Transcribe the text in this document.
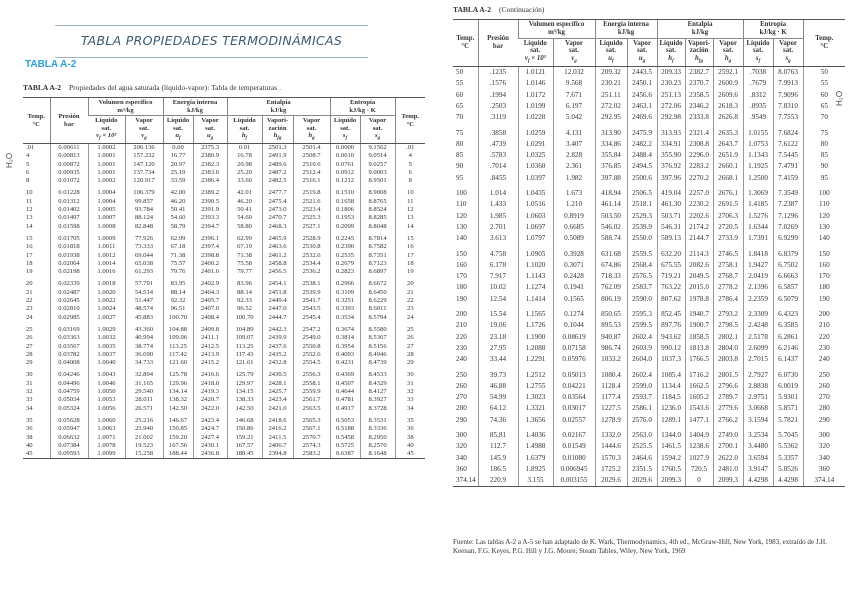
TABLA PROPIEDADES TERMODINÁMICAS
TABLA A-2
TABLA A-2 Propiedades del agua saturada (líquido-vapor): Tabla de temperaturas .
TABLA A-2 (Continuación)
H₂O
H₂O
Temp.
°C	Presión
bar	Volumen específico
m³/kg		Energía interna
kJ/kg		Entalpía
kJ/kg			Entropía
kJ/kg · K		Temp.
°C
		Líquido
sat.
$v_f \times 10^3$	Vapor
sat.
$v_g$	Líquido
sat.
$u_f$	Vapor
sat.
$u_g$	Líquido
sat.
$h_f$	Vapori-
zación
$h_{fg}$	Vapor
sat.
$h_g$	Líquido
sat.
$s_f$	Vapor
sat.
$s_g$
.01	0.00611	1.0002	206.136	0.00	2375.3	0.01	2501.3	2501.4	0.0000	9.1562	.01
4	0.00813	1.0001	157.232	16.77	2380.9	16.78	2491.9	2508.7	0.0610	9.0514	4
5	0.00872	1.0001	147.120	20.97	2382.3	20.98	2489.6	2510.6	0.0761	9.0257	5
6	0.00935	1.0001	137.734	25.19	2383.6	25.20	2487.2	2512.4	0.0912	9.0003	6
8	0.01072	1.0002	120.917	33.59	2386.4	33.60	2482.5	2516.1	0.1212	8.9501	8
10	0.01228	1.0004	106.379	42.00	2389.2	42.01	2477.7	2519.8	0.1510	8.9008	10
11	0.01312	1.0004	99.857	46.20	2390.5	46.20	2475.4	2521.6	0.1658	8.8765	11
12	0.01402	1.0005	93.784	50.41	2391.9	50.41	2473.0	2523.4	0.1806	8.8524	12
13	0.01497	1.0007	88.124	54.60	2393.3	54.60	2470.7	2525.3	0.1953	8.8285	13
14	0.01598	1.0008	82.848	58.79	2394.7	58.80	2468.3	2527.1	0.2099	8.8048	14
15	0.01705	1.0009	77.926	62.99	2396.1	62.99	2465.9	2528.9	0.2245	8.7814	15
16	0.01818	1.0011	73.333	67.18	2397.4	67.19	2463.6	2530.8	0.2390	8.7582	16
17	0.01938	1.0012	69.044	71.38	2398.8	71.38	2461.2	2532.6	0.2535	8.7351	17
18	0.02064	1.0014	65.038	75.57	2400.2	75.58	2458.8	2534.4	0.2679	8.7123	18
19	0.02198	1.0016	61.293	79.76	2401.6	79.77	2456.5	2536.2	0.2823	8.6897	19
20	0.02339	1.0018	57.791	83.95	2402.9	83.96	2454.1	2538.1	0.2966	8.6672	20
21	0.02487	1.0020	54.514	88.14	2404.3	88.14	2451.8	2539.9	0.3109	8.6450	21
22	0.02645	1.0022	51.447	92.32	2405.7	92.33	2449.4	2541.7	0.3251	8.6229	22
23	0.02810	1.0024	48.574	96.51	2407.0	96.52	2447.0	2543.5	0.3393	8.6011	23
24	0.02985	1.0027	45.883	100.70	2408.4	100.70	2444.7	2545.4	0.3534	8.5794	24
25	0.03169	1.0029	43.360	104.88	2409.8	104.89	2442.3	2547.2	0.3674	8.5580	25
26	0.03363	1.0032	40.994	109.06	2411.1	109.07	2439.9	2549.0	0.3814	8.5367	26
27	0.03567	1.0035	38.774	113.25	2412.5	113.25	2437.6	2550.8	0.3954	8.5156	27
28	0.03782	1.0037	36.690	117.42	2413.9	117.43	2435.2	2552.6	0.4093	8.4946	28
29	0.04008	1.0040	34.733	121.60	2415.2	121.61	2432.8	2554.5	0.4231	8.4739	29
30	0.04246	1.0043	32.894	125.78	2416.6	125.79	2430.5	2556.3	0.4369	8.4533	30
31	0.04496	1.0046	31.165	129.96	2418.0	129.97	2428.1	2558.1	0.4507	8.4329	31
32	0.04759	1.0050	29.540	134.14	2419.3	134.15	2425.7	2559.9	0.4644	8.4127	32
33	0.05034	1.0053	28.011	138.32	2420.7	138.33	2423.4	2561.7	0.4781	8.3927	33
34	0.05324	1.0056	26.571	142.50	2422.0	142.50	2421.0	2563.5	0.4917	8.3728	34
35	0.05628	1.0060	25.216	146.67	2423.4	146.68	2418.6	2565.3	0.5053	8.3531	35
36	0.05947	1.0063	23.940	150.85	2424.7	150.86	2416.2	2567.1	0.5188	8.3336	36
38	0.06632	1.0071	21.602	159.20	2427.4	159.21	2411.5	2570.7	0.5458	8.2950	38
40	0.07384	1.0078	19.523	167.56	2430.1	167.57	2406.7	2574.3	0.5725	8.2570	40
45	0.09593	1.0099	15.258	188.44	2436.8	188.45	2394.8	2583.2	0.6387	8.1648	45
Temp.
°C	Presión
bar	Volumen específico
m³/kg		Energía interna
kJ/kg		Entalpía
kJ/kg			Entropía
kJ/kg · K		Temp.
°C
		Líquido
sat.
$v_f \times 10^3$	Vapor
sat.
$v_g$	Líquido
sat.
$u_f$	Vapor
sat.
$u_g$	Líquido
sat.
$h_f$	Vapori-
zación
$h_{fg}$	Vapor
sat.
$h_g$	Líquido
sat.
$s_f$	Vapor
sat.
$s_g$
50	.1235	1.0121	12.032	209.32	2443.5	209.33	2382.7	2592.1	.7038	8.0763	50
55	.1576	1.0146	9.568	230.21	2450.1	230.23	2370.7	2600.9	.7679	7.9913	55
60	.1994	1.0172	7.671	251.11	2456.6	251.13	2358.5	2609.6	.8312	7.9096	60
65	.2503	1.0199	6.197	272.02	2463.1	272.06	2346.2	2618.3	.8935	7.8310	65
70	.3119	1.0228	5.042	292.95	2469.6	292.98	2333.8	2626.8	.9549	7.7553	70
75	.3858	1.0259	4.131	313.90	2475.9	313.93	2321.4	2635.3	1.0155	7.6824	75
80	.4739	1.0291	3.407	334.86	2482.2	334.91	2308.8	2643.7	1.0753	7.6122	80
85	.5783	1.0325	2.828	355.84	2488.4	355.90	2296.0	2651.9	1.1343	7.5445	85
90	.7014	1.0360	2.361	376.85	2494.5	376.92	2283.2	2660.1	1.1925	7.4791	90
95	.8455	1.0397	1.982	397.88	2500.6	397.96	2270.2	2668.1	1.2500	7.4159	95
100	1.014	1.0435	1.673	418.94	2506.5	419.04	2257.0	2676.1	1.3069	7.3549	100
110	1.433	1.0516	1.210	461.14	2518.1	461.30	2230.2	2691.5	1.4185	7.2387	110
120	1.985	1.0603	0.8919	503.50	2529.3	503.71	2202.6	2706.3	1.5276	7.1296	120
130	2.701	1.0697	0.6685	546.02	2539.9	546.31	2174.2	2720.5	1.6344	7.0269	130
140	3.613	1.0797	0.5089	588.74	2550.0	589.13	2144.7	2733.9	1.7391	6.9299	140
150	4.758	1.0905	0.3928	631.68	2559.5	632.20	2114.3	2746.5	1.8418	6.8379	150
160	6.178	1.1020	0.3071	674.86	2568.4	675.55	2082.6	2758.1	1.9427	6.7502	160
170	7.917	1.1143	0.2428	718.33	2576.5	719.21	2049.5	2768.7	2.0419	6.6663	170
180	10.02	1.1274	0.1941	762.09	2583.7	763.22	2015.0	2778.2	2.1396	6.5857	180
190	12.54	1.1414	0.1565	806.19	2590.0	807.62	1978.8	2786.4	2.2359	6.5079	190
200	15.54	1.1565	0.1274	850.65	2595.3	852.45	1940.7	2793.2	2.3309	6.4323	200
210	19.06	1.1726	0.1044	895.53	2599.5	897.76	1900.7	2798.5	2.4248	6.3585	210
220	23.18	1.1900	0.08619	940.87	2602.4	943.62	1858.5	2802.1	2.5178	6.2861	220
230	27.95	1.2088	0.07158	986.74	2603.9	990.12	1813.8	2804.0	2.6099	6.2146	230
240	33.44	1.2291	0.05976	1033.2	2604.0	1037.3	1766.5	2803.8	2.7015	6.1437	240
250	39.73	1.2512	0.05013	1080.4	2602.4	1085.4	1716.2	2801.5	2.7927	6.0730	250
260	46.88	1.2755	0.04221	1128.4	2599.0	1134.4	1662.5	2796.6	2.8838	6.0019	260
270	54.99	1.3023	0.03564	1177.4	2593.7	1184.5	1605.2	2789.7	2.9751	5.9301	270
280	64.12	1.3321	0.03017	1227.5	2586.1	1236.0	1543.6	2779.6	3.0668	5.8571	280
290	74.36	1.3656	0.02557	1278.9	2576.0	1289.1	1477.1	2766.2	3.1594	5.7821	290
300	85.81	1.4036	0.02167	1332.0	2563.0	1344.0	1404.9	2749.0	3.2534	5.7045	300
320	112.7	1.4988	0.01549	1444.6	2525.5	1461.5	1238.6	2700.1	3.4480	5.5362	320
340	145.9	1.6379	0.01080	1570.3	2464.6	1594.2	1027.9	2622.0	3.6594	5.3357	340
360	186.5	1.8925	0.006945	1725.2	2351.5	1760.5	720.5	2481.0	3.9147	5.0526	360
374.14	220.9	3.155	0.003155	2029.6	2029.6	2099.3	0	2099.3	4.4298	4.4298	374.14
Fuente: Las tablas A-2 a A-5 se han adaptado de K. Wark, Thermodynamics, 4th ed., McGraw-Hill, New York, 1983, extraído de J.H. Keenan, F.G. Keyes, P.G. Hill y J.G. Moore, Steam Tables, Wiley, New York, 1969
